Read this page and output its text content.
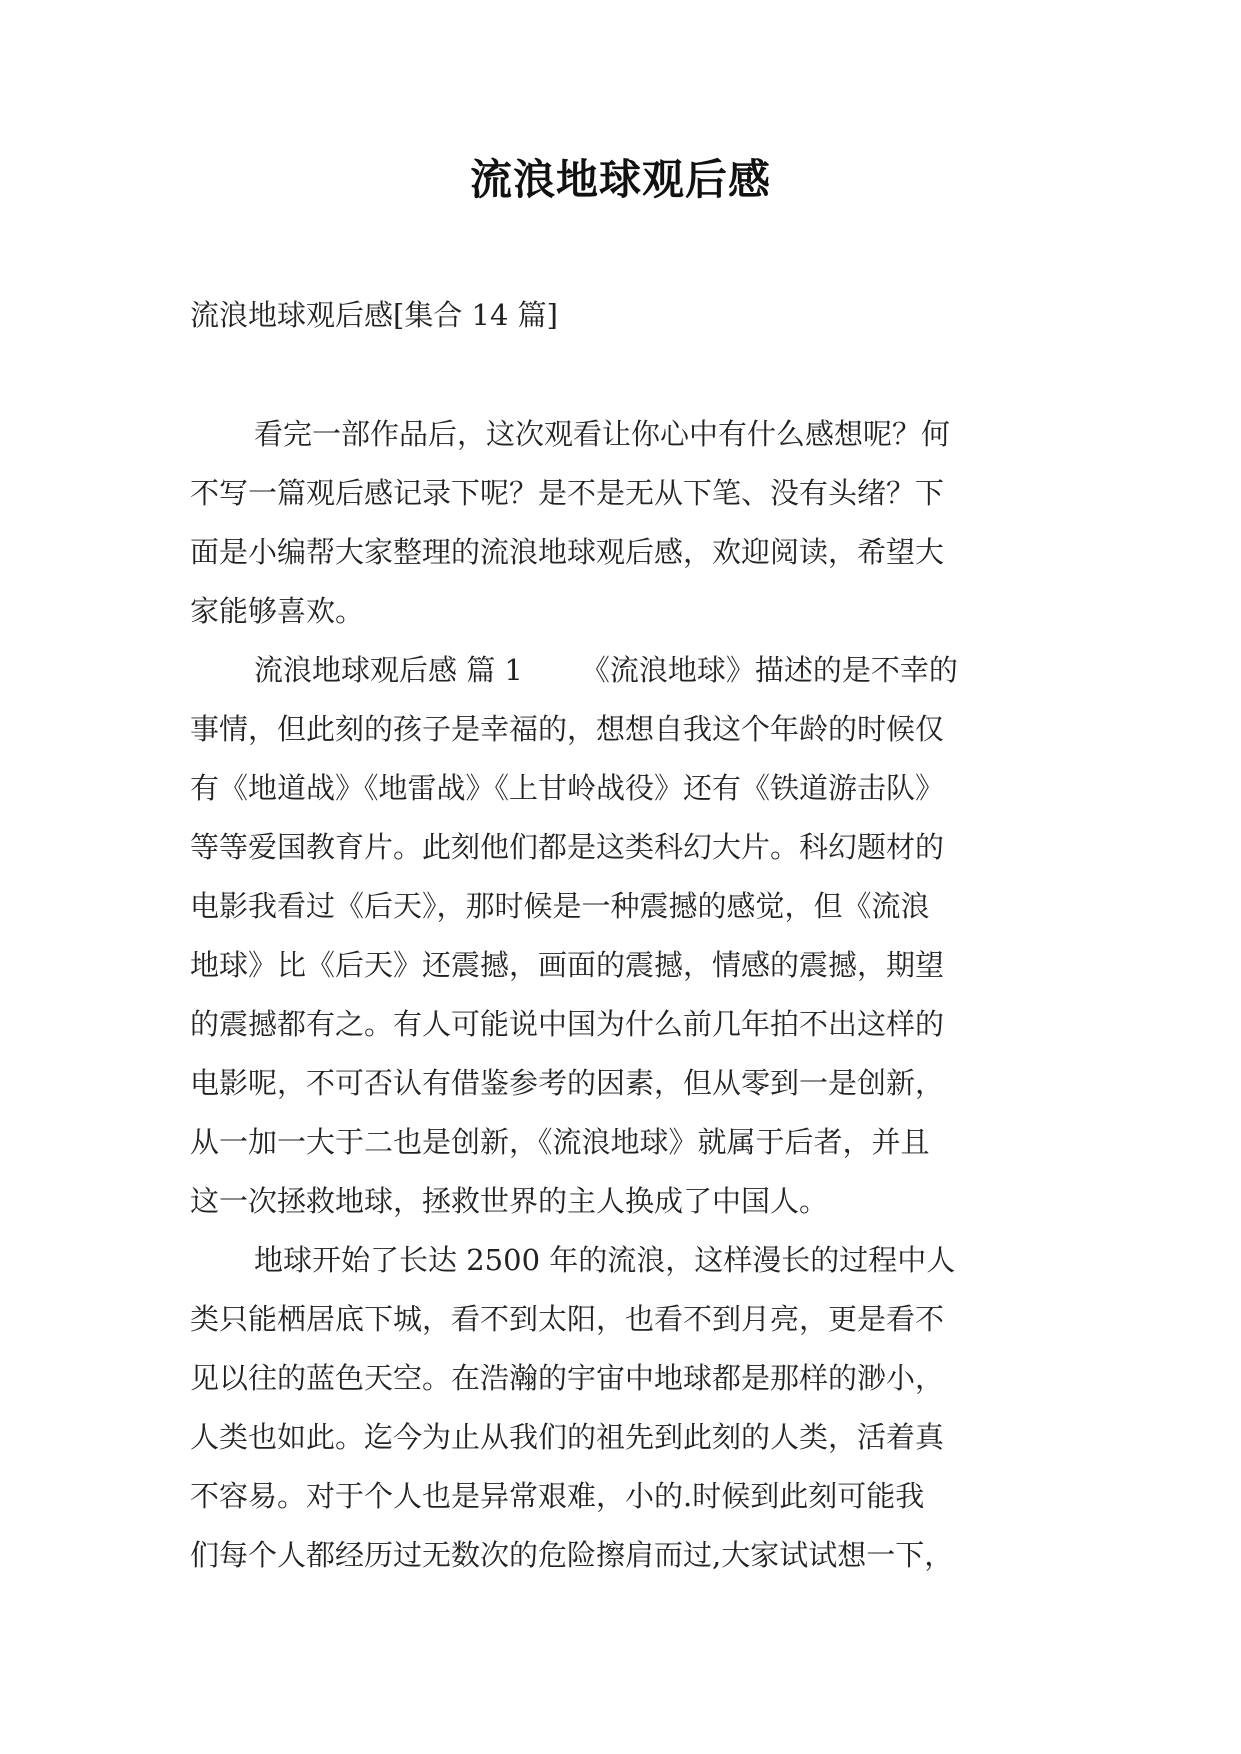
流浪地球观后感
流浪地球观后感[集合 14 篇]
看完一部作品后，这次观看让你心中有什么感想呢？何
不写一篇观后感记录下呢？是不是无从下笔、没有头绪？下
面是小编帮大家整理的流浪地球观后感，欢迎阅读，希望大
家能够喜欢。
流浪地球观后感 篇 1 《流浪地球》描述的是不幸的
事情，但此刻的孩子是幸福的，想想自我这个年龄的时候仅
有《地道战》《地雷战》《上甘岭战役》还有《铁道游击队》
等等爱国教育片。此刻他们都是这类科幻大片。科幻题材的
电影我看过《后天》，那时候是一种震撼的感觉，但《流浪
地球》比《后天》还震撼，画面的震撼，情感的震撼，期望
的震撼都有之。有人可能说中国为什么前几年拍不出这样的
电影呢，不可否认有借鉴参考的因素，但从零到一是创新，
从一加一大于二也是创新，《流浪地球》就属于后者，并且
这一次拯救地球，拯救世界的主人换成了中国人。
地球开始了长达 2500 年的流浪，这样漫长的过程中人
类只能栖居底下城，看不到太阳，也看不到月亮，更是看不
见以往的蓝色天空。在浩瀚的宇宙中地球都是那样的渺小，
人类也如此。迄今为止从我们的祖先到此刻的人类，活着真
不容易。对于个人也是异常艰难，小的.时候到此刻可能我
们每个人都经历过无数次的危险擦肩而过,大家试试想一下，
